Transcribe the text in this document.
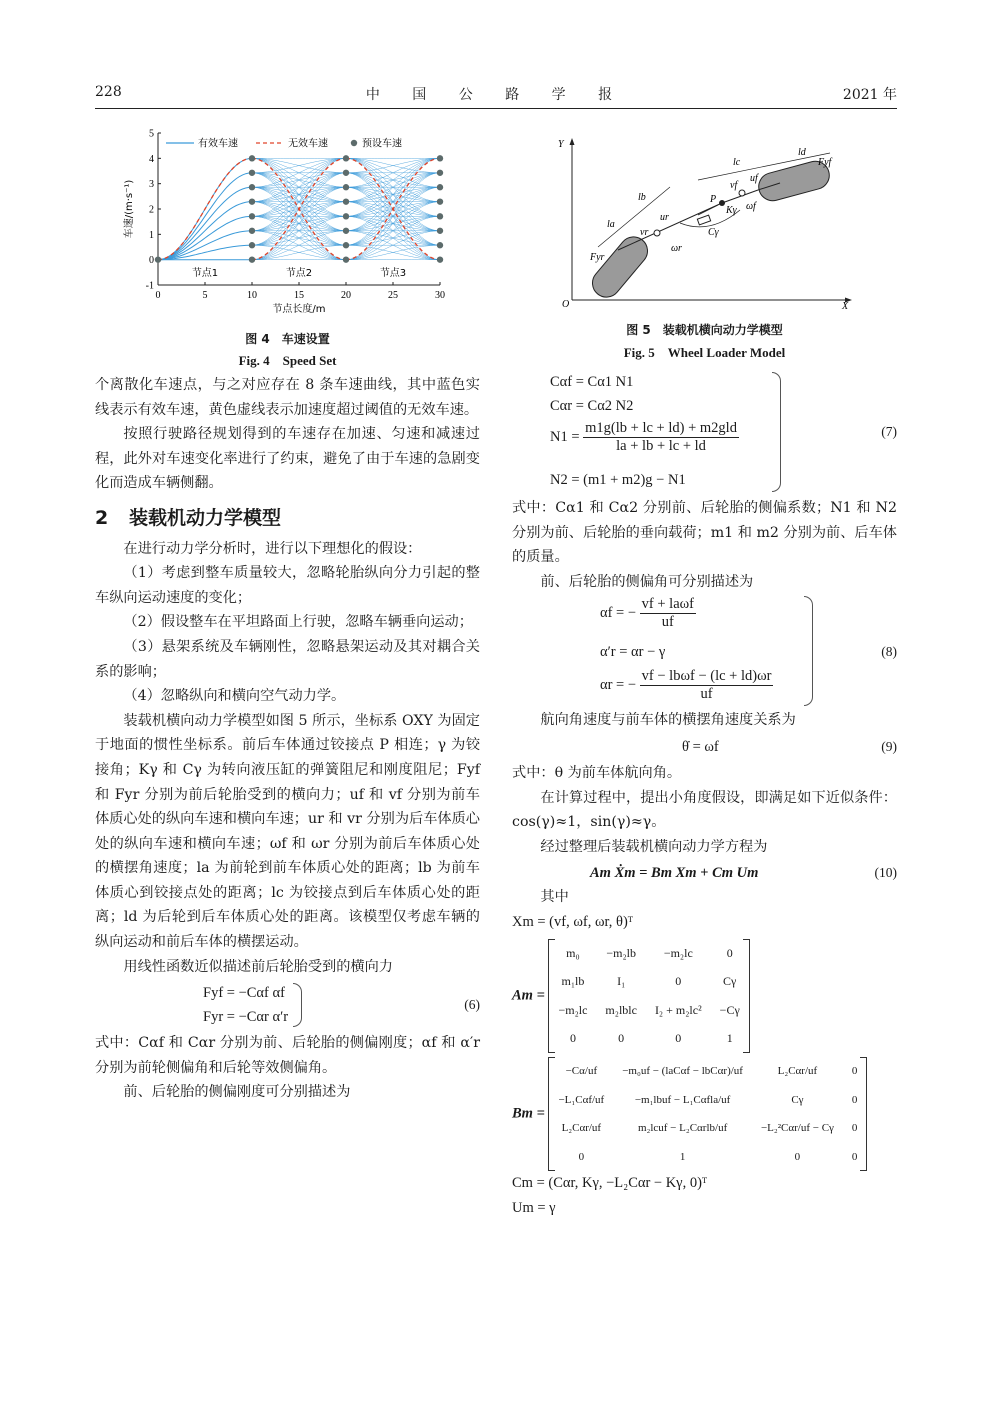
228	中 国 公 路 学 报	2021 年
0	5	10	15	20	25	30
-1
0
1
2
3
4
5
节点1	节点2	节点3
节点长度/m
车速/(m·s⁻¹)
有效车速	无效车速	预设车速
图 4　车速设置
Fig. 4　Speed Set
Y
X
O
P
Kγ
Cγ
la
lb
lc
ld
Fyf
Fyr
vf
uf
vr
ur
ωf
ωr
图 5　装载机横向动力学模型
Fig. 5　Wheel Loader Model

个离散化车速点，与之对应存在 8 条车速曲线，其中蓝色实线表示有效车速，黄色虚线表示加速度超过阈值的无效车速。

按照行驶路径规划得到的车速存在加速、匀速和减速过程，此外对车速变化率进行了约束，避免了由于车速的急剧变化而造成车辆侧翻。

2 装载机动力学模型

在进行动力学分析时，进行以下理想化的假设：

（1）考虑到整车质量较大，忽略轮胎纵向分力引起的整车纵向运动速度的变化；

（2）假设整车在平坦路面上行驶，忽略车辆垂向运动；

（3）悬架系统及车辆刚性，忽略悬架运动及其对耦合关系的影响；

（4）忽略纵向和横向空气动力学。

装载机横向动力学模型如图 5 所示，坐标系 OXY 为固定于地面的惯性坐标系。前后车体通过铰接点 P 相连；γ 为铰接角；Kγ 和 Cγ 为转向液压缸的弹簧阻尼和刚度阻尼；Fyf 和 Fyr 分别为前后轮胎受到的横向力；uf 和 vf 分别为前车体质心处的纵向车速和横向车速；ur 和 vr 分别为后车体质心处的纵向车速和横向车速；ωf 和 ωr 分别为前后车体质心处的横摆角速度；la 为前轮到前车体质心处的距离；lb 为前车体质心到铰接点处的距离；lc 为铰接点到后车体质心处的距离；ld 为后轮到后车体质心处的距离。该模型仅考虑车辆的纵向运动和前后车体的横摆运动。

用线性函数近似描述前后轮胎受到的横向力

Fyf = −Cαf αf
Fyr = −Cαr α′r
(6)

式中：Cαf 和 Cαr 分别为前、后轮胎的侧偏刚度；αf 和 α′r 分别为前轮侧偏角和后轮等效侧偏角。

前、后轮胎的侧偏刚度可分别描述为

Cαf = Cα1 N1
Cαr = Cα2 N2
$N1 = \frac{\text{m1g(lb + lc + ld) + m2gld}}{la + lb + lc + ld}$
N2 = (m1 + m2)g − N1
(7)

式中：Cα1 和 Cα2 分别前、后轮胎的侧偏系数；N1 和 N2 分别为前、后轮胎的垂向载荷；m1 和 m2 分别为前、后车体的质量。

前、后轮胎的侧偏角可分别描述为

αf = − $\frac{\text{vf + laωf}}{uf}$
α′r = αr − γ
αr = − $\frac{\text{vf − lbωf − (lc + ld)ωr}}{uf}$
(8)

航向角速度与前车体的横摆角速度关系为

θ̇ = ωf	(9)

式中：θ 为前车体航向角。

在计算过程中，提出小角度假设，即满足如下近似条件：cos(γ)≈1，sin(γ)≈γ。

经过整理后装载机横向动力学方程为

Am Ẋm = Bm Xm + Cm Um	(10)

其中

Xm = (vf, ωf, ωr, θ)ᵀ
Am =
m₀	−m₂lb	−m₂lc	0
m₁lb	I₁	0	Cγ
−m₂lc	m₂lblc	I₂ + m₂lc²	−Cγ
0	0	0	1
Bm =
−Cα/uf	−m₀uf − (laCαf − lbCαr)/uf	L₂Cαr/uf	0
−L₁Cαf/uf	−m₁lbuf − L₁Cαfla/uf	Cγ	0
L₂Cαr/uf	m₂lcuf − L₂Cαrlb/uf	−L₂²Cαr/uf − Cγ	0
0	1	0	0
Cm = (Cαr, Kγ, −L₂Cαr − Kγ, 0)ᵀ
Um = γ
